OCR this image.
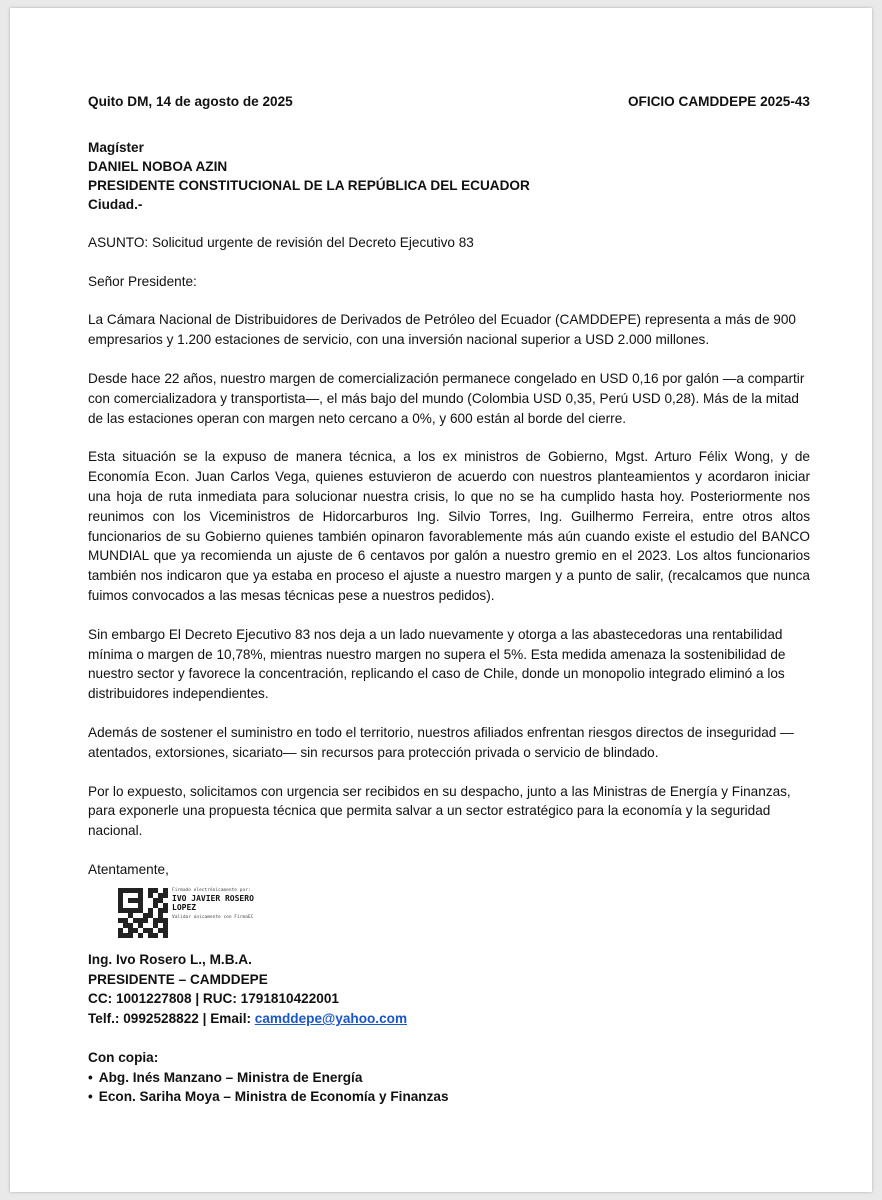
Quito DM, 14 de agosto de 2025	OFICIO CAMDDEPE 2025-43
Magíster
DANIEL NOBOA AZIN
PRESIDENTE CONSTITUCIONAL DE LA REPÚBLICA DEL ECUADOR
Ciudad.-

ASUNTO: Solicitud urgente de revisión del Decreto Ejecutivo 83

Señor Presidente:

La Cámara Nacional de Distribuidores de Derivados de Petróleo del Ecuador (CAMDDEPE) representa a más de 900 empresarios y 1.200 estaciones de servicio, con una inversión nacional superior a USD 2.000 millones.

Desde hace 22 años, nuestro margen de comercialización permanece congelado en USD 0,16 por galón —a compartir con comercializadora y transportista—, el más bajo del mundo (Colombia USD 0,35, Perú USD 0,28). Más de la mitad de las estaciones operan con margen neto cercano a 0%, y 600 están al borde del cierre.

Esta situación se la expuso de manera técnica, a los ex ministros de Gobierno, Mgst. Arturo Félix Wong, y de Economía Econ. Juan Carlos Vega, quienes estuvieron de acuerdo con nuestros planteamientos y acordaron iniciar una hoja de ruta inmediata para solucionar nuestra crisis, lo que no se ha cumplido hasta hoy. Posteriormente nos reunimos con los Viceministros de Hidorcarburos Ing. Silvio Torres, Ing. Guilhermo Ferreira, entre otros altos funcionarios de su Gobierno quienes también opinaron favorablemente más aún cuando existe el estudio del BANCO MUNDIAL que ya recomienda un ajuste de 6 centavos por galón a nuestro gremio en el 2023. Los altos funcionarios también nos indicaron que ya estaba en proceso el ajuste a nuestro margen y a punto de salir, (recalcamos que nunca fuimos convocados a las mesas técnicas pese a nuestros pedidos).

Sin embargo El Decreto Ejecutivo 83 nos deja a un lado nuevamente y otorga a las abastecedoras una rentabilidad mínima o margen de 10,78%, mientras nuestro margen no supera el 5%. Esta medida amenaza la sostenibilidad de nuestro sector y favorece la concentración, replicando el caso de Chile, donde un monopolio integrado eliminó a los distribuidores independientes.

Además de sostener el suministro en todo el territorio, nuestros afiliados enfrentan riesgos directos de inseguridad —atentados, extorsiones, sicariato— sin recursos para protección privada o servicio de blindado.

Por lo expuesto, solicitamos con urgencia ser recibidos en su despacho, junto a las Ministras de Energía y Finanzas, para exponerle una propuesta técnica que permita salvar a un sector estratégico para la economía y la seguridad nacional.

Atentamente,
Firmado electrónicamente por:
IVO JAVIER ROSERO
LOPEZ
Validar únicamente con FirmaEC
Ing. Ivo Rosero L., M.B.A.
PRESIDENTE – CAMDDEPE
CC: 1001227808 | RUC: 1791810422001
Telf.: 0992528822 | Email: camddepe@yahoo.com
Con copia:
• Abg. Inés Manzano – Ministra de Energía
• Econ. Sariha Moya – Ministra de Economía y Finanzas
